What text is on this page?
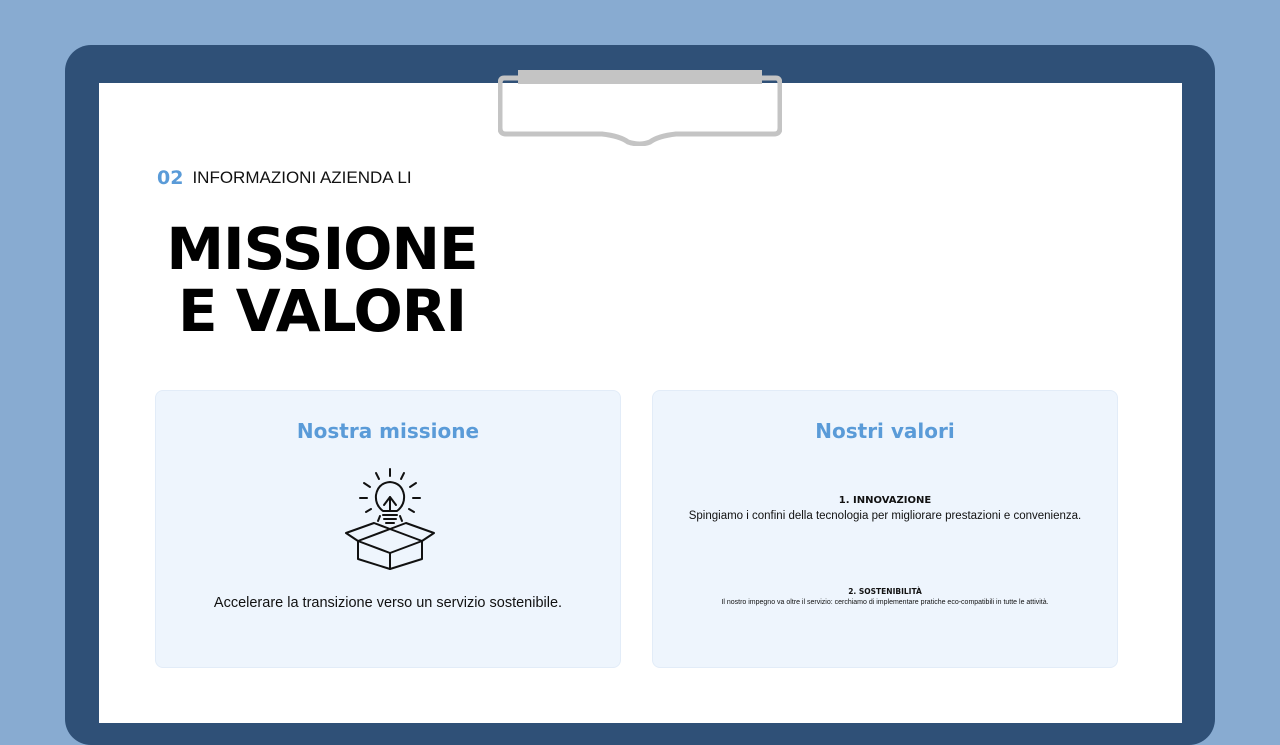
02 INFORMAZIONI AZIENDA LI
MISSIONE
E VALORI
Nostra missione
Accelerare la transizione verso un servizio sostenibile.
Nostri valori
1. INNOVAZIONE
Spingiamo i confini della tecnologia per migliorare prestazioni e convenienza.
2. SOSTENIBILITÀ
Il nostro impegno va oltre il servizio: cerchiamo di implementare pratiche eco-compatibili in tutte le attività.
